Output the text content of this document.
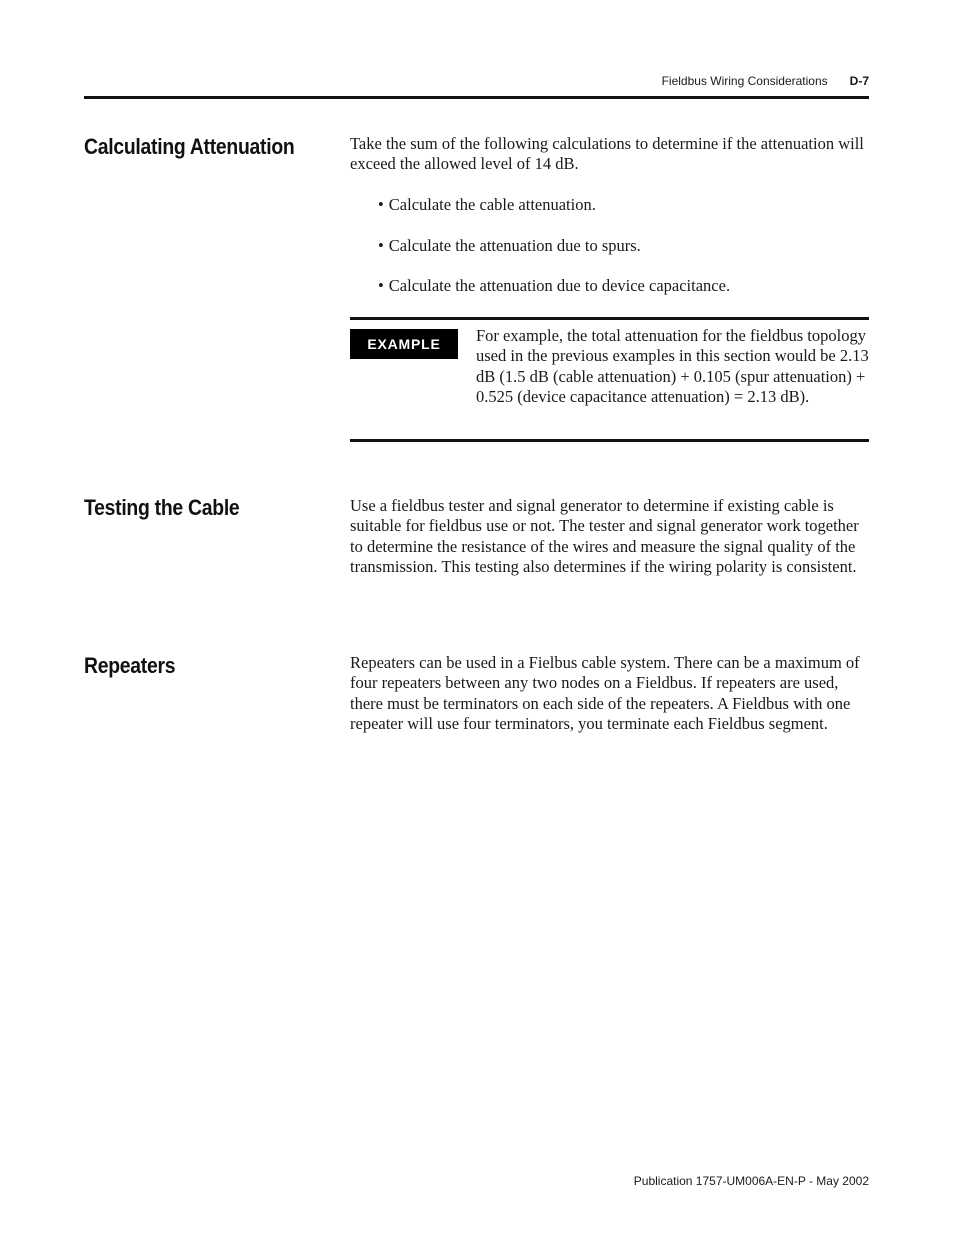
Fieldbus Wiring Considerations D-7
Calculating Attenuation	Take the sum of the following calculations to determine if the attenuation will exceed the allowed level of 14 dB.

• Calculate the cable attenuation.
• Calculate the attenuation due to spurs.
• Calculate the attenuation due to device capacitance.
EXAMPLE	For example, the total attenuation for the fieldbus topology used in the previous examples in this section would be 2.13 dB (1.5 dB (cable attenuation) + 0.105 (spur attenuation) + 0.525 (device capacitance attenuation) = 2.13 dB).

Testing the Cable	Use a fieldbus tester and signal generator to determine if existing cable is suitable for fieldbus use or not. The tester and signal generator work together to determine the resistance of the wires and measure the signal quality of the transmission. This testing also determines if the wiring polarity is consistent.

Repeaters	Repeaters can be used in a Fielbus cable system. There can be a maximum of four repeaters between any two nodes on a Fieldbus. If repeaters are used, there must be terminators on each side of the repeaters. A Fieldbus with one repeater will use four terminators, you terminate each Fieldbus segment.

Publication 1757-UM006A-EN-P - May 2002
